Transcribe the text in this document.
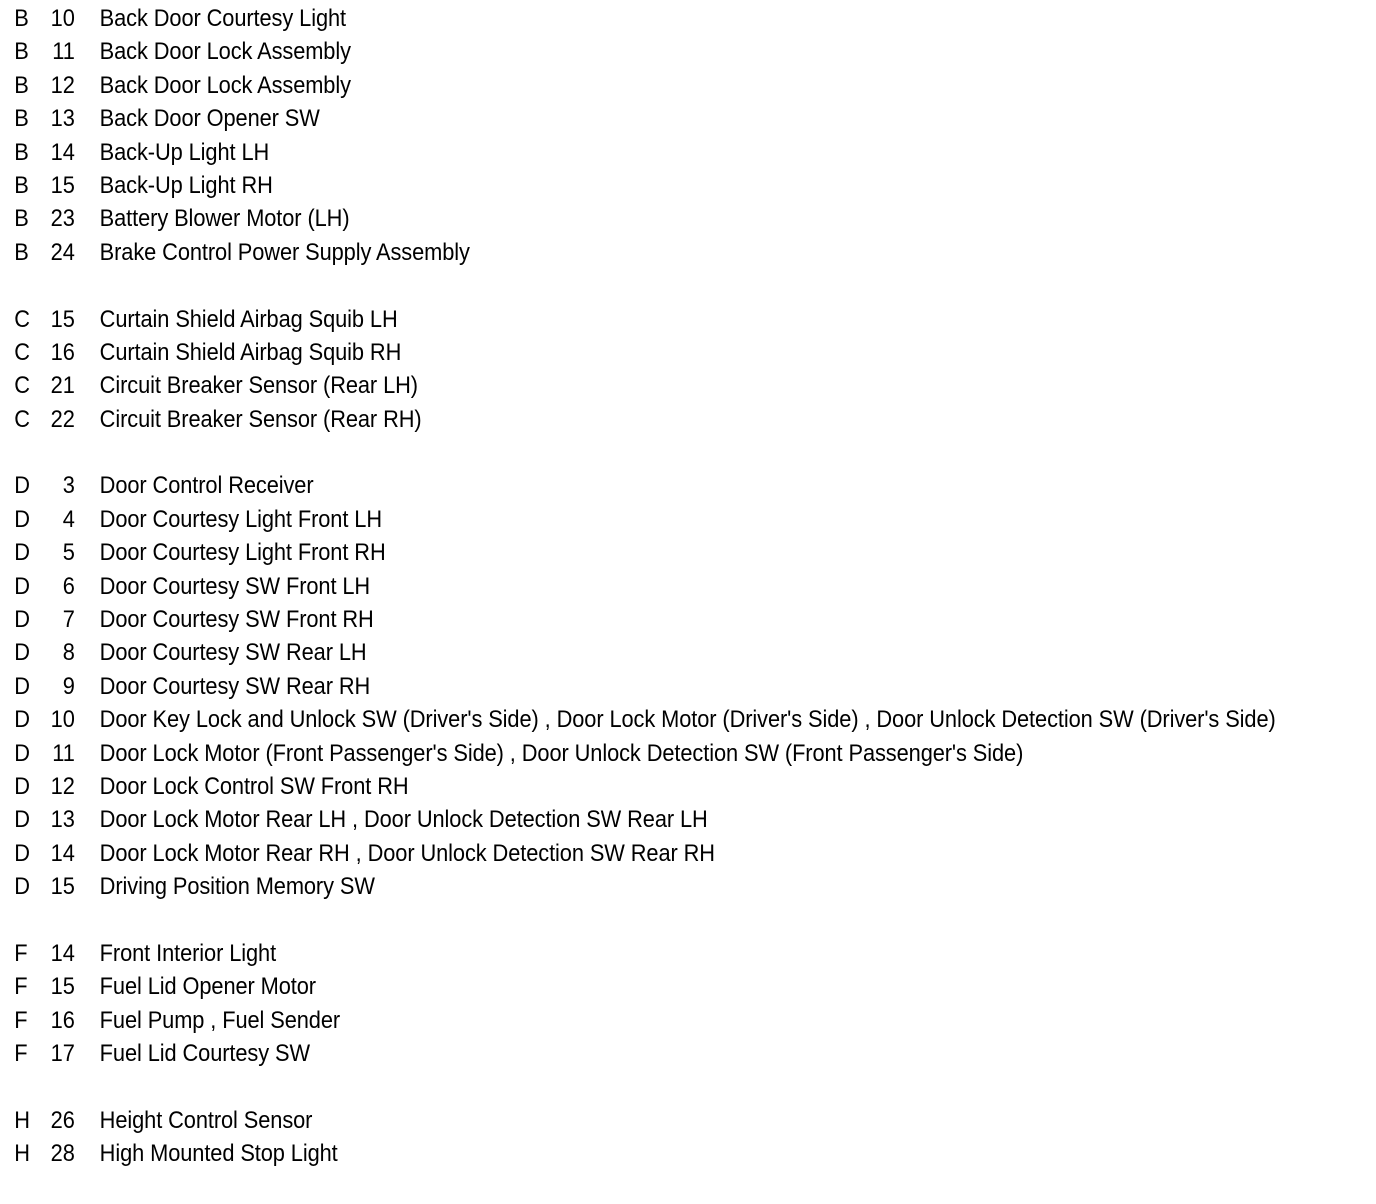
B 10 Back Door Courtesy Light
B 11 Back Door Lock Assembly
B 12 Back Door Lock Assembly
B 13 Back Door Opener SW
B 14 Back-Up Light LH
B 15 Back-Up Light RH
B 23 Battery Blower Motor (LH)
B 24 Brake Control Power Supply Assembly
C 15 Curtain Shield Airbag Squib LH
C 16 Curtain Shield Airbag Squib RH
C 21 Circuit Breaker Sensor (Rear LH)
C 22 Circuit Breaker Sensor (Rear RH)
D	3 Door Control Receiver
D	4 Door Courtesy Light Front LH
D	5 Door Courtesy Light Front RH
D	6 Door Courtesy SW Front LH
D	7 Door Courtesy SW Front RH
D	8 Door Courtesy SW Rear LH
D	9 Door Courtesy SW Rear RH
D 10 Door Key Lock and Unlock SW (Driver's Side) , Door Lock Motor (Driver's Side) , Door Unlock Detection SW (Driver's Side)
D 11 Door Lock Motor (Front Passenger's Side) , Door Unlock Detection SW (Front Passenger's Side)
D 12 Door Lock Control SW Front RH
D 13 Door Lock Motor Rear LH , Door Unlock Detection SW Rear LH
D 14 Door Lock Motor Rear RH , Door Unlock Detection SW Rear RH
D 15 Driving Position Memory SW
F 14 Front Interior Light
F 15 Fuel Lid Opener Motor
F 16 Fuel Pump , Fuel Sender
F 17 Fuel Lid Courtesy SW
H 26 Height Control Sensor
H 28 High Mounted Stop Light
